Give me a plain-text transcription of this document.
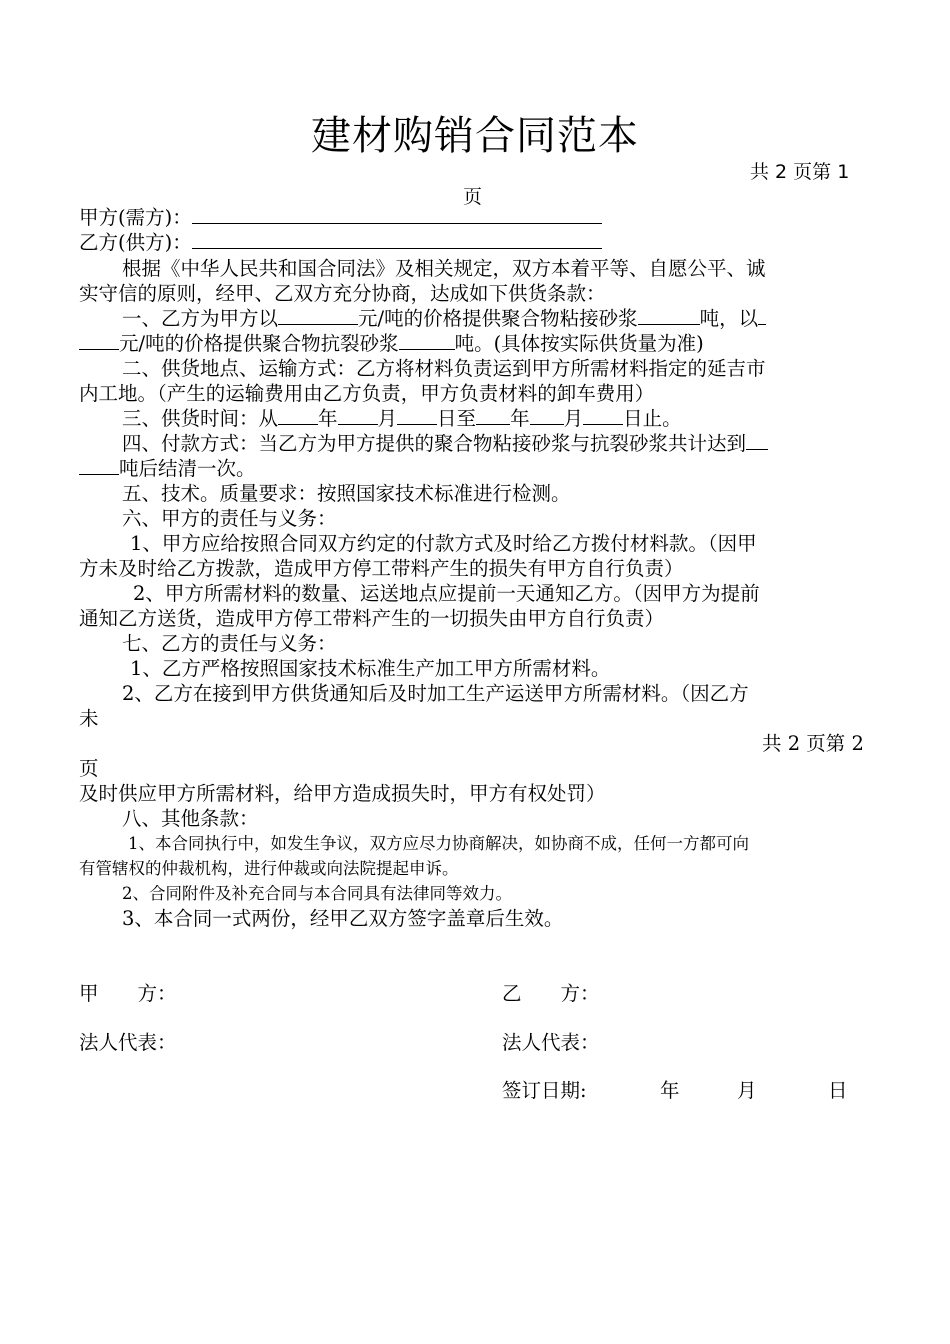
建材购销合同范本
共 2 页第 1
页
甲方(需方)：
乙方(供方)：
根据《中华人民共和国合同法》及相关规定，双方本着平等、自愿公平、诚
实守信的原则，经甲、乙双方充分协商，达成如下供货条款：
一、乙方为甲方以	元/吨的价格提供聚合物粘接砂浆	吨，以
元/吨的价格提供聚合物抗裂砂浆	吨。(具体按实际供货量为准)
二、供货地点、运输方式：乙方将材料负责运到甲方所需材料指定的延吉市
内工地。（产生的运输费用由乙方负责，甲方负责材料的卸车费用）
三、供货时间：从 年 月 日至 年 月 日止。
四、付款方式：当乙方为甲方提供的聚合物粘接砂浆与抗裂砂浆共计达到
吨后结清一次。
五、技术。质量要求：按照国家技术标准进行检测。
六、甲方的责任与义务：
1、甲方应给按照合同双方约定的付款方式及时给乙方拨付材料款。（因甲
方未及时给乙方拨款，造成甲方停工带料产生的损失有甲方自行负责）
2、甲方所需材料的数量、运送地点应提前一天通知乙方。（因甲方为提前
通知乙方送货，造成甲方停工带料产生的一切损失由甲方自行负责）
七、乙方的责任与义务：
1、乙方严格按照国家技术标准生产加工甲方所需材料。
2、乙方在接到甲方供货通知后及时加工生产运送甲方所需材料。（因乙方
未
共 2 页第 2
页
及时供应甲方所需材料，给甲方造成损失时，甲方有权处罚）
八、其他条款：
1、本合同执行中，如发生争议，双方应尽力协商解决，如协商不成，任何一方都可向
有管辖权的仲裁机构，进行仲裁或向法院提起申诉。
2、合同附件及补充合同与本合同具有法律同等效力。
3、本合同一式两份，经甲乙双方签字盖章后生效。
甲　　方：	乙　　方：
法人代表：	法人代表：
签订日期:	年	月	日
